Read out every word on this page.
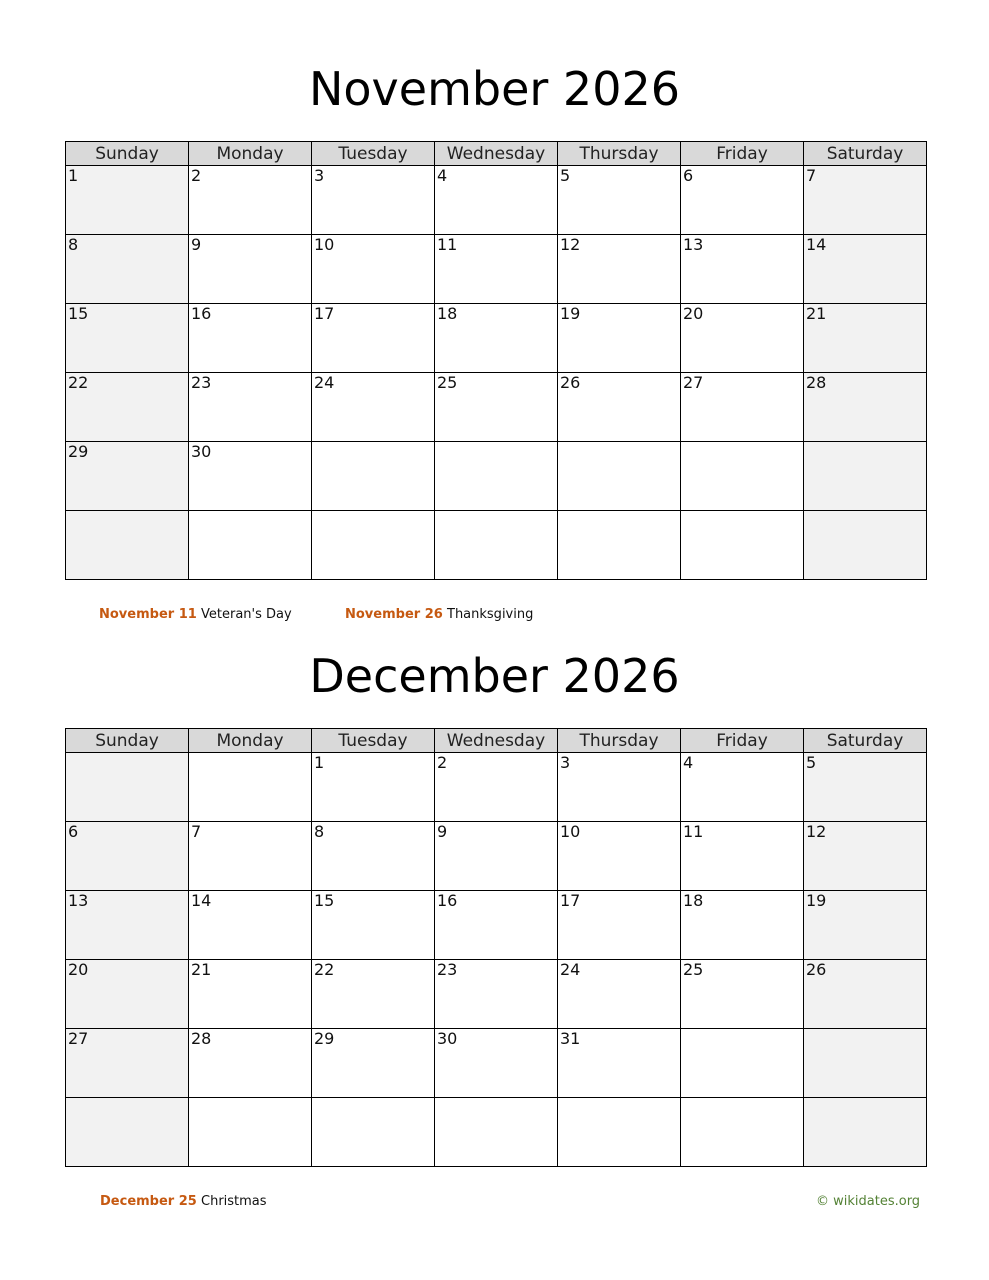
© wikidates.org
November 2026
Sunday	Monday	Tuesday	Wednesday	Thursday	Friday	Saturday
1	2	3	4	5	6	7
8	9	10	11	12	13	14
15	16	17	18	19	20	21
22	23	24	25	26	27	28
29	30					

November 11 Veteran's Day	November 26 Thanksgiving
December 2026
Sunday	Monday	Tuesday	Wednesday	Thursday	Friday	Saturday
		1	2	3	4	5
6	7	8	9	10	11	12
13	14	15	16	17	18	19
20	21	22	23	24	25	26
27	28	29	30	31		

December 25 Christmas
